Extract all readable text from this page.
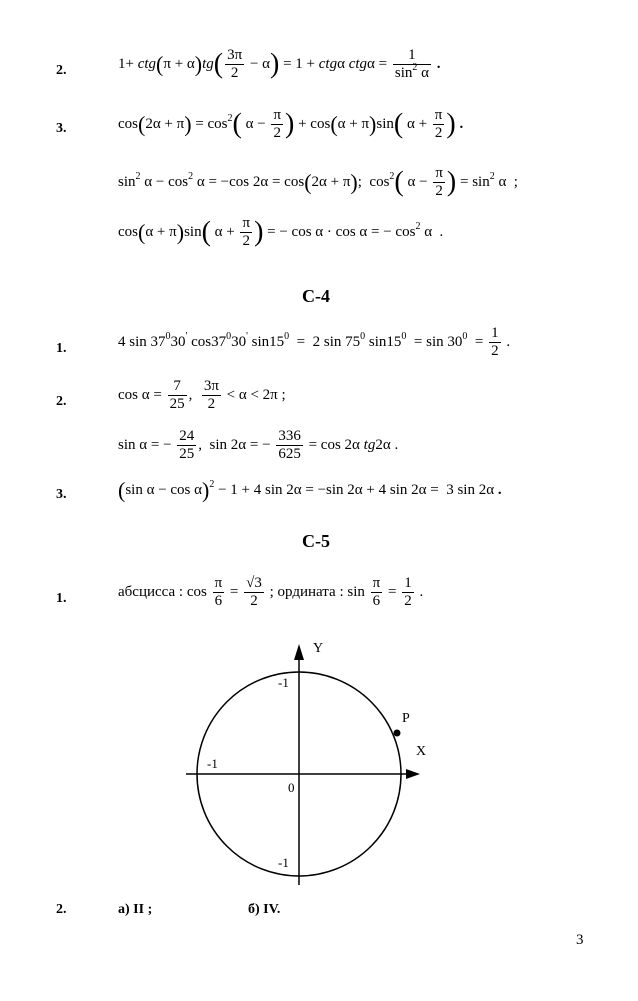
2.	$1+ ctg(\pi + \alpha)tg( \frac{3\pi}{2} - \alpha) = 1 + ctg\alpha$ $ctg\alpha = \frac{1}{\sin^2 \alpha}$ .
3.	$\cos(2\alpha + \pi) = \cos^2$( $\alpha - \frac{\pi}{2}$ ) + cos(α + π)sin( $\alpha + \frac{\pi}{2}$ ) .
$\sin^2 \alpha - \cos^2 \alpha = -\cos$ 2α = cos(2α + π);  $\cos^2$( $\alpha - \frac{\pi}{2}$ ) = $\sin^2 \alpha$  ;
cos(α + π)sin( $\alpha + \frac{\pi}{2}$ ) = − cos α · cos α = − $\cos^2 \alpha$  .
С-4
1.	4 $\sin 37^030'$ $\cos 37^030'$ $\sin 15^0 = 2$ $\sin 75^0$ $\sin 15^0 = \sin 30^0 = \frac{1}{2}$ .
2.	$\cos \alpha = \frac{7}{25}$ , $\frac{3\pi}{2} < \alpha < 2\pi$ ;
sin α = − $\frac{24}{25}$ ,  sin 2α = − $\frac{336}{625} = \cos 2\alpha$ tg2α .
3. (sin α − cos α)$^2$ − 1 + 4 sin 2α = −sin 2α + 4 sin 2α =  3 sin 2α .
С-5
1.	абсцисса : $\cos \frac{\pi}{6} = \frac{√3}{2}$ ; ордината : $\sin \frac{\pi}{6} = \frac{1}{2}$ .
Y
X
P
-1
-1
0
-1
2.	а) II ;	б) IV.
3
